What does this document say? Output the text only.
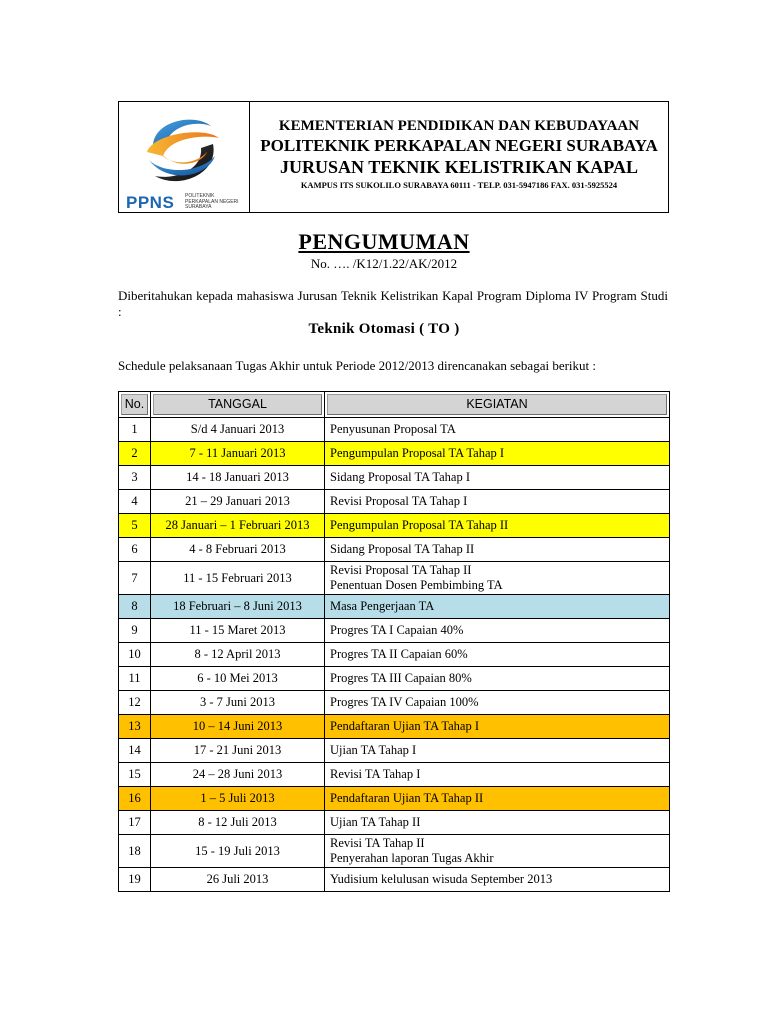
PPNS POLITEKNIK PERKAPALAN NEGERI SURABAYA
KEMENTERIAN PENDIDIKAN DAN KEBUDAYAAN
POLITEKNIK PERKAPALAN NEGERI SURABAYA
JURUSAN TEKNIK KELISTRIKAN KAPAL
KAMPUS ITS SUKOLILO SURABAYA 60111 - TELP. 031-5947186 FAX. 031-5925524
PENGUMUMAN
No. …. /K12/1.22/AK/2012
Diberitahukan kepada mahasiswa Jurusan Teknik Kelistrikan Kapal Program Diploma IV Program Studi :
Teknik Otomasi ( TO )
Schedule pelaksanaan Tugas Akhir untuk Periode 2012/2013 direncanakan sebagai berikut :
No.	TANGGAL	KEGIATAN

1	S/d 4 Januari 2013	Penyusunan Proposal TA

2	7 - 11 Januari 2013	Pengumpulan Proposal TA Tahap I

3	14 - 18 Januari 2013	Sidang Proposal TA Tahap I

4	21 – 29 Januari 2013	Revisi Proposal TA Tahap I

5	28 Januari – 1 Februari 2013	Pengumpulan Proposal TA Tahap II

6	4 - 8 Februari 2013	Sidang Proposal TA Tahap II

7	11 - 15 Februari 2013	Revisi Proposal TA Tahap II
Penentuan Dosen Pembimbing TA

8	18 Februari – 8 Juni 2013	Masa Pengerjaan TA

9	11 - 15 Maret 2013	Progres TA I Capaian 40%

10	8 - 12 April 2013	Progres TA II Capaian 60%

11	6 - 10 Mei 2013	Progres TA III Capaian 80%

12	3 - 7 Juni 2013	Progres TA IV Capaian 100%

13	10 – 14 Juni 2013	Pendaftaran Ujian TA Tahap I

14	17 - 21 Juni 2013	Ujian TA Tahap I

15	24 – 28 Juni 2013	Revisi TA Tahap I

16	1 – 5 Juli 2013	Pendaftaran Ujian TA Tahap II

17	8 - 12 Juli 2013	Ujian TA Tahap II

18	15 - 19 Juli 2013	Revisi TA Tahap II
Penyerahan laporan Tugas Akhir

19	26 Juli 2013	Yudisium kelulusan wisuda September 2013
